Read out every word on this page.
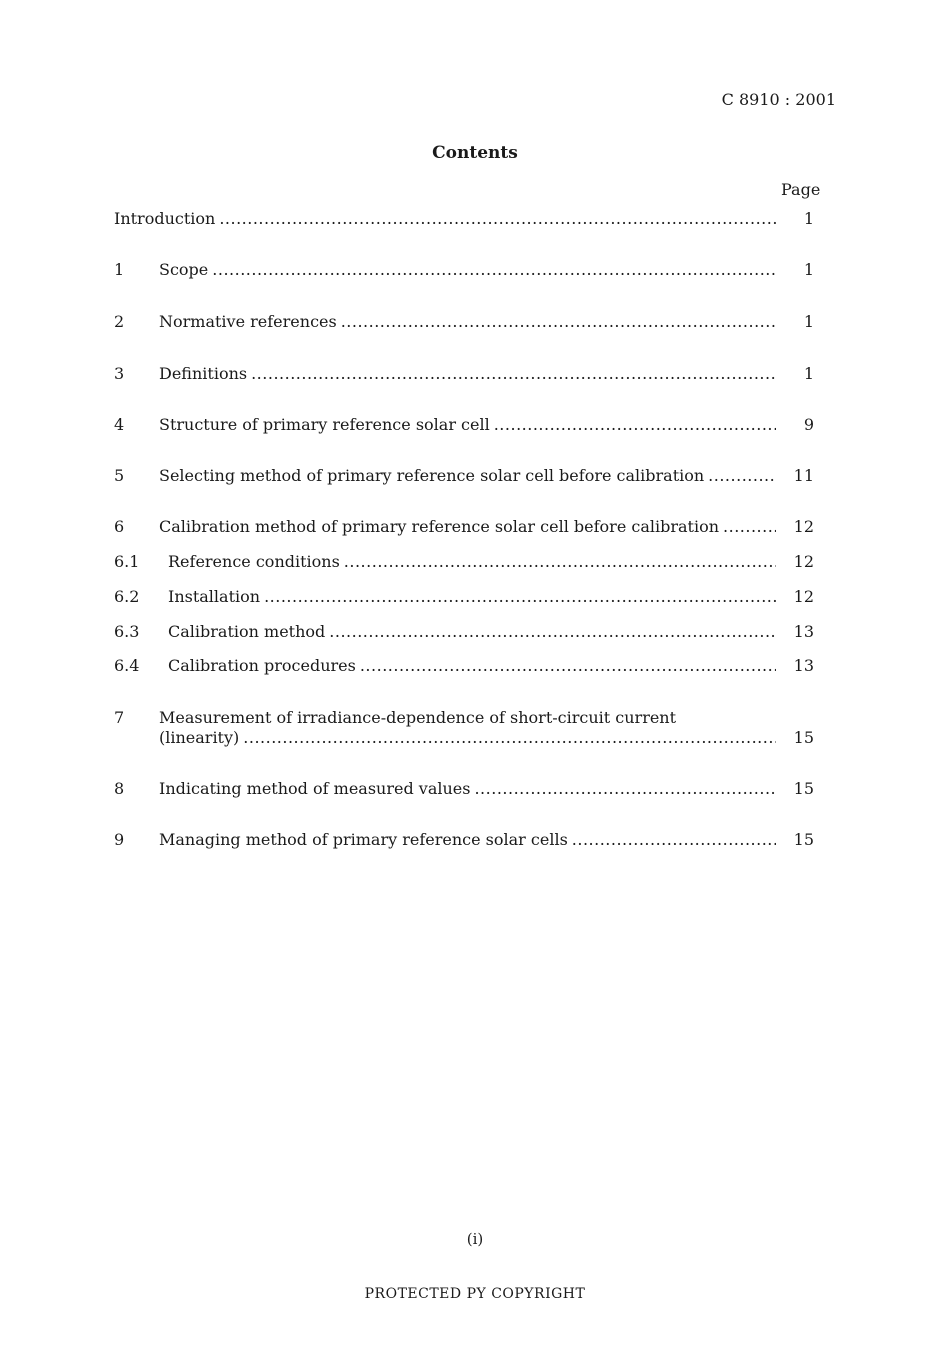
C 8910 : 2001
Contents
Page
Introduction .....	1
1 Scope .....	1
2 Normative references .....	1
3 Definitions .....	1
4 Structure of primary reference solar cell .....	9
5 Selecting method of primary reference solar cell before calibration .....	11
6 Calibration method of primary reference solar cell before calibration .....	12
6.1 Reference conditions .....	12
6.2 Installation .....	12
6.3 Calibration method .....	13
6.4 Calibration procedures .....	13
7 Measurement of irradiance-dependence of short-circuit current
(linearity) .....	15
8 Indicating method of measured values .....	15
9 Managing method of primary reference solar cells .....	15
(i)
PROTECTED PY COPYRIGHT
